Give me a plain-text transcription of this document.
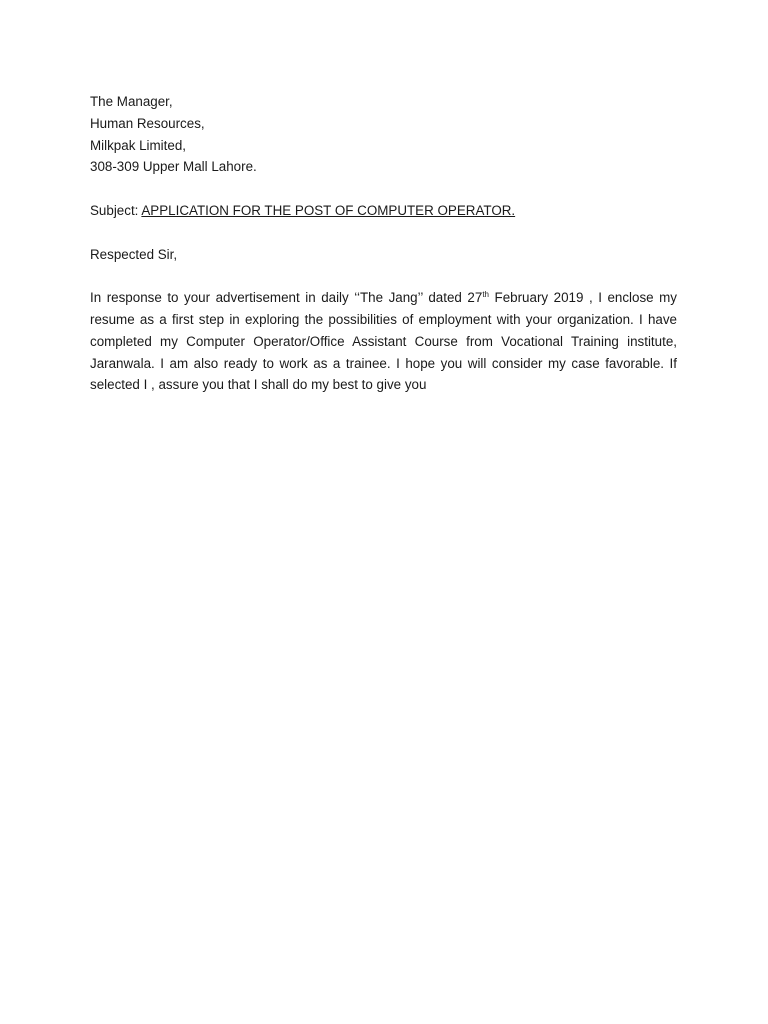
The Manager,
Human Resources,
Milkpak Limited,
308-309 Upper Mall Lahore.
Subject: APPLICATION FOR THE POST OF COMPUTER OPERATOR.
Respected Sir,

In response to your advertisement in daily ‘‘The Jang’’ dated 27th February 2019 , I enclose my resume as a first step in exploring the possibilities of employment with your organization. I have completed my Computer Operator/Office Assistant Course from Vocational Training institute, Jaranwala. I am also ready to work as a trainee. I hope you will consider my case favorable. If selected I , assure you that I shall do my best to give you
